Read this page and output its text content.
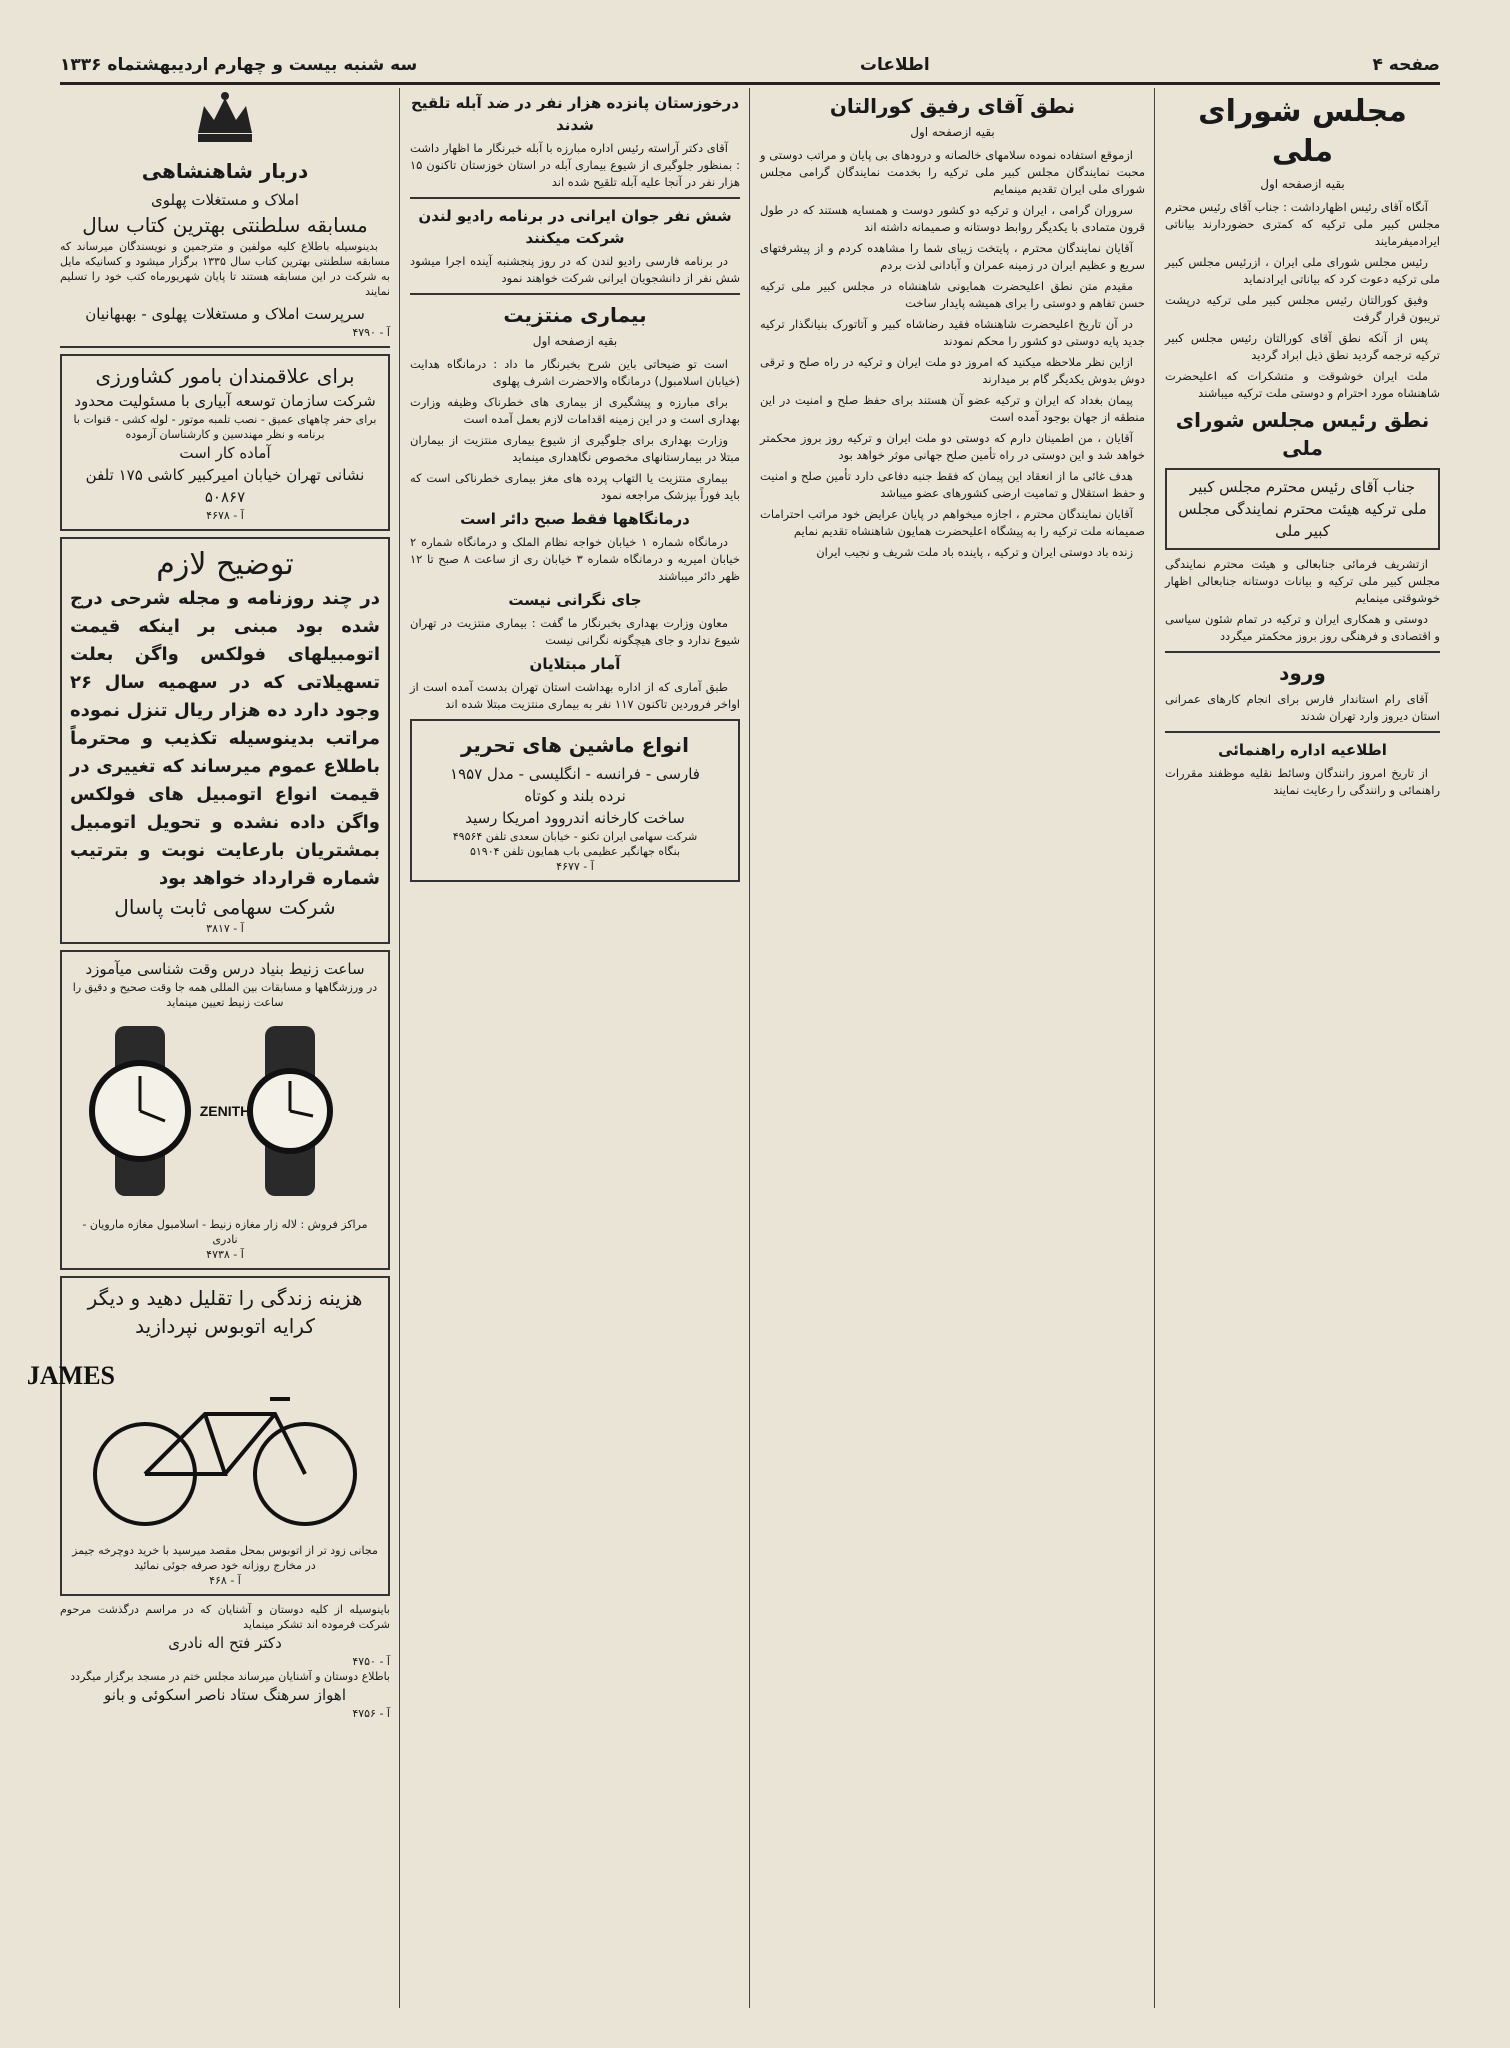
صفحه ۴
اطلاعات
سه شنبه بیست و چهارم اردیبهشتماه ۱۳۳۶
مجلس شورای ملی
بقیه ازصفحه اول

آنگاه آقای رئیس اظهارداشت : جناب آقای رئیس محترم مجلس کبیر ملی ترکیه که کمتری حضوردارند بیاناتی ایرادمیفرمایند

رئیس مجلس شورای ملی ایران ، ازرئیس مجلس کبیر ملی ترکیه دعوت کرد که بیاناتی ایرادنماید

وفیق کورالتان رئیس مجلس کبیر ملی ترکیه درپشت تریبون قرار گرفت

پس از آنکه نطق آقای کورالتان رئیس مجلس کبیر ترکیه ترجمه گردید نطق ذیل ابراد گردید

ملت ایران خوشوقت و متشکرات که اعلیحضرت شاهنشاه مورد احترام و دوستی ملت ترکیه میباشند

نطق رئیس مجلس شورای ملی
جناب آقای رئیس محترم مجلس کبیر ملی ترکیه هیئت محترم نمایندگی مجلس کبیر ملی

ازتشریف فرمائی جنابعالی و هیئت محترم نمایندگی مجلس کبیر ملی ترکیه و بیانات دوستانه جنابعالی اظهار خوشوقتی مینمایم

دوستی و همکاری ایران و ترکیه در تمام شئون سیاسی و اقتصادی و فرهنگی روز بروز محکمتر میگردد

ورود

آقای رام استاندار فارس برای انجام کارهای عمرانی استان دیروز وارد تهران شدند

اطلاعیه اداره راهنمائی

از تاریخ امروز رانندگان وسائط نقلیه موظفند مقررات راهنمائی و رانندگی را رعایت نمایند

نطق آقای رفیق کورالتان
بقیه ازصفحه اول

ازموقع استفاده نموده سلامهای خالصانه و درودهای بی پایان و مراتب دوستی و محبت نمایندگان مجلس کبیر ملی ترکیه را بخدمت نمایندگان گرامی مجلس شورای ملی ایران تقدیم مینمایم

سروران گرامی ، ایران و ترکیه دو کشور دوست و همسایه هستند که در طول قرون متمادی با یکدیگر روابط دوستانه و صمیمانه داشته اند

آقایان نمایندگان محترم ، پایتخت زیبای شما را مشاهده کردم و از پیشرفتهای سریع و عظیم ایران در زمینه عمران و آبادانی لذت بردم

مقیدم متن نطق اعلیحضرت همایونی شاهنشاه در مجلس کبیر ملی ترکیه حسن تفاهم و دوستی را برای همیشه پایدار ساخت

در آن تاریخ اعلیحضرت شاهنشاه فقید رضاشاه کبیر و آتاتورک بنیانگذار ترکیه جدید پایه دوستی دو کشور را محکم نمودند

ازاین نظر ملاحظه میکنید که امروز دو ملت ایران و ترکیه در راه صلح و ترقی دوش بدوش یکدیگر گام بر میدارند

پیمان بغداد که ایران و ترکیه عضو آن هستند برای حفظ صلح و امنیت در این منطقه از جهان بوجود آمده است

آقایان ، من اطمینان دارم که دوستی دو ملت ایران و ترکیه روز بروز محکمتر خواهد شد و این دوستی در راه تأمین صلح جهانی موثر خواهد بود

هدف غائی ما از انعقاد این پیمان که فقط جنبه دفاعی دارد تأمین صلح و امنیت و حفظ استقلال و تمامیت ارضی کشورهای عضو میباشد

آقایان نمایندگان محترم ، اجازه میخواهم در پایان عرایض خود مراتب احترامات صمیمانه ملت ترکیه را به پیشگاه اعلیحضرت همایون شاهنشاه تقدیم نمایم

زنده باد دوستی ایران و ترکیه ، پاینده باد ملت شریف و نجیب ایران

درخوزستان پانزده هزار نفر در ضد آبله تلقیح شدند

آقای دکتر آراسته رئیس اداره مبارزه با آبله خبرنگار ما اظهار داشت : بمنظور جلوگیری از شیوع بیماری آبله در استان خوزستان تاکنون ۱۵ هزار نفر در آنجا علیه آبله تلقیح شده اند

شش نفر جوان ایرانی در برنامه رادیو لندن شرکت میکنند

در برنامه فارسی رادیو لندن که در روز پنجشنبه آینده اجرا میشود شش نفر از دانشجویان ایرانی شرکت خواهند نمود

بیماری منتزیت
بقیه ازصفحه اول

است تو ضیحاتی باین شرح بخبرنگار ما داد : درمانگاه هدایت (خیابان اسلامبول) درمانگاه والاحضرت اشرف پهلوی

برای مبارزه و پیشگیری از بیماری های خطرناک وظیفه وزارت بهداری است و در این زمینه اقدامات لازم بعمل آمده است

وزارت بهداری برای جلوگیری از شیوع بیماری منتزیت از بیماران مبتلا در بیمارستانهای مخصوص نگاهداری مینماید

بیماری منتزیت یا التهاب پرده های مغز بیماری خطرناکی است که باید فوراً بپزشک مراجعه نمود

درمانگاهها فقط صبح دائر است

درمانگاه شماره ۱ خیابان خواجه نظام الملک و درمانگاه شماره ۲ خیابان امیریه و درمانگاه شماره ۳ خیابان ری از ساعت ۸ صبح تا ۱۲ ظهر دائر میباشند

جای نگرانی نیست

معاون وزارت بهداری بخبرنگار ما گفت : بیماری منتزیت در تهران شیوع ندارد و جای هیچگونه نگرانی نیست

آمار مبتلایان

طبق آماری که از اداره بهداشت استان تهران بدست آمده است از اواخر فروردین تاکنون ۱۱۷ نفر به بیماری منتزیت مبتلا شده اند

انواع ماشین های تحریر
فارسی - فرانسه - انگلیسی - مدل ۱۹۵۷
نرده بلند و کوتاه
ساخت کارخانه اندروود امریکا رسید
شرکت سهامی ایران تکنو - خیابان سعدی تلفن ۴۹۵۶۴
بنگاه جهانگیر عظیمی باب همایون تلفن ۵۱۹۰۴
آ - ۴۶۷۷
دربار شاهنشاهی
املاک و مستغلات پهلوی
مسابقه سلطنتی بهترین کتاب سال

بدینوسیله باطلاع کلیه مولفین و مترجمین و نویسندگان میرساند که مسابقه سلطنتی بهترین کتاب سال ۱۳۳۵ برگزار میشود و کسانیکه مایل به شرکت در این مسابقه هستند تا پایان شهریورماه کتب خود را تسلیم نمایند

سرپرست املاک و مستغلات پهلوی - بهبهانیان
آ - ۴۷۹۰
برای علاقمندان بامور کشاورزی
شرکت سازمان توسعه آبیاری با مسئولیت محدود
برای حفر چاههای عمیق - نصب تلمبه موتور - لوله کشی - قنوات با برنامه و نظر مهندسین و کارشناسان آزموده
آماده کار است
نشانی تهران خیابان امیرکبیر کاشی ۱۷۵ تلفن ۵۰۸۶۷
آ - ۴۶۷۸
توضیح لازم
در چند روزنامه و مجله شرحی درج شده بود مبنی بر اینکه قیمت اتومبیلهای فولکس واگن بعلت تسهیلاتی که در سهمیه سال ۲۶ وجود دارد ده هزار ریال تنزل نموده مراتب بدینوسیله تکذیب و محترماً باطلاع عموم میرساند که تغییری در قیمت انواع اتومبیل های فولکس واگن داده نشده و تحویل اتومبیل بمشتریان بارعایت نوبت و بترتیب شماره قرارداد خواهد بود
شرکت سهامی ثابت پاسال
آ - ۳۸۱۷
ساعت زنیط بنیاد درس وقت شناسی میآموزد
در ورزشگاهها و مسابقات بین المللی همه جا وقت صحیح و دقیق را ساعت زنیط تعیین مینماید
ZENITH
مراکز فروش : لاله زار مغازه زنیط - اسلامبول مغازه مارویان - نادری
آ - ۴۷۳۸
هزینه زندگی را تقلیل دهید و دیگر کرایه اتوبوس نپردازید
JAMES
مجانی زود تر از اتوبوس بمحل مقصد میرسید با خرید دوچرخه جیمز در مخارج روزانه خود صرفه جوئی نمائید
آ - ۴۶۸
باینوسیله از کلیه دوستان و آشنایان که در مراسم درگذشت مرحوم شرکت فرموده اند تشکر مینماید
دکتر فتح اله نادری
آ - ۴۷۵۰
باطلاع دوستان و آشنایان میرساند مجلس ختم در مسجد برگزار میگردد
اهواز سرهنگ ستاد ناصر اسکوئی و بانو
آ - ۴۷۵۶
